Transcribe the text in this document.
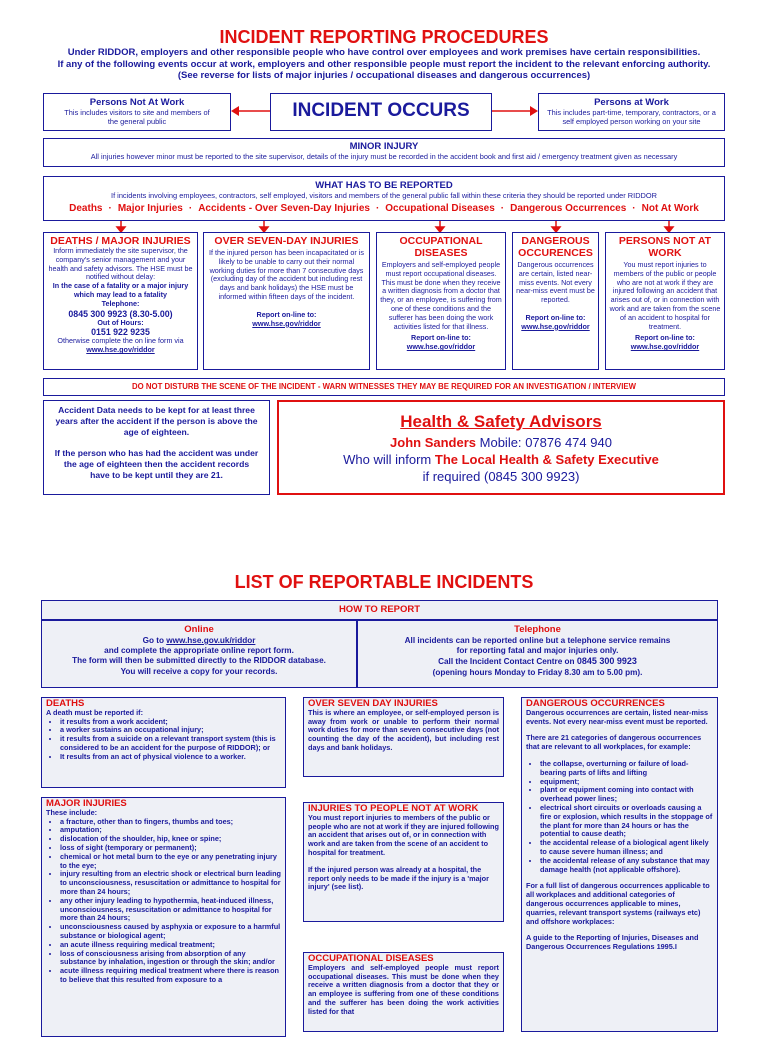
INCIDENT REPORTING PROCEDURES
Under RIDDOR, employers and other responsible people who have control over employees and work premises have certain responsibilities.
If any of the following events occur at work, employers and other responsible people must report the incident to the relevant enforcing authority.
(See reverse for lists of major injuries / occupational diseases and dangerous occurrences)
Persons Not At Work
This includes visitors to site and members of the general public
INCIDENT OCCURS	Persons at Work
This includes part-time, temporary, contractors, or a self employed person working on your site
MINOR INJURY
All injuries however minor must be reported to the site supervisor, details of the injury must be recorded in the accident book and first aid / emergency treatment given as necessary
WHAT HAS TO BE REPORTED
If incidents involving employees, contractors, self employed, visitors and members of the general public fall within these criteria they should be reported under RIDDOR
Deaths · Major Injuries · Accidents - Over Seven-Day Injuries · Occupational Diseases · Dangerous Occurrences · Not At Work
DEATHS / MAJOR INJURIES
Inform immediately the site supervisor, the company's senior management and your health and safety advisors. The HSE must be notified without delay:
In the case of a fatality or a major injury which may lead to a fatality
Telephone:
0845 300 9923 (8.30-5.00)
Out of Hours:
0151 922 9235
Otherwise complete the on line form via
www.hse.gov/riddor
OVER SEVEN-DAY INJURIES
If the injured person has been incapacitated or is likely to be unable to carry out their normal working duties for more than 7 consecutive days (excluding day of the accident but including rest days and bank holidays) the HSE must be informed within fifteen days of the incident.
Report on-line to:
www.hse.gov/riddor
OCCUPATIONAL DISEASES
Employers and self-employed people must report occupational diseases. This must be done when they receive a written diagnosis from a doctor that they, or an employee, is suffering from one of these conditions and the sufferer has been doing the work activities listed for that illness.
Report on-line to:
www.hse.gov/riddor
DANGEROUS OCCURENCES
Dangerous occurrences are certain, listed near-miss events. Not every near-miss event must be reported.
Report on-line to:
www.hse.gov/riddor
PERSONS NOT AT WORK
You must report injuries to members of the public or people who are not at work if they are injured following an accident that arises out of, or in connection with work and are taken from the scene of an accident to hospital for treatment.
Report on-line to:
www.hse.gov/riddor
DO NOT DISTURB THE SCENE OF THE INCIDENT - WARN WITNESSES THEY MAY BE REQUIRED FOR AN INVESTIGATION / INTERVIEW
Accident Data needs to be kept for at least three years after the accident if the person is above the age of eighteen.
If the person who has had the accident was under the age of eighteen then the accident records have to be kept until they are 21.
Health & Safety Advisors
John Sanders Mobile: 07876 474 940
Who will inform The Local Health & Safety Executive
if required (0845 300 9923)
LIST OF REPORTABLE INCIDENTS
HOW TO REPORT
Online
Go to www.hse.gov.uk/riddor
and complete the appropriate online report form.
The form will then be submitted directly to the RIDDOR database.
You will receive a copy for your records.
Telephone
All incidents can be reported online but a telephone service remains
for reporting fatal and major injuries only.
Call the Incident Contact Centre on 0845 300 9923
(opening hours Monday to Friday 8.30 am to 5.00 pm).
DEATHS
A death must be reported if:
• it results from a work accident;
• a worker sustains an occupational injury;
• it results from a suicide on a relevant transport system (this is considered to be an accident for the purpose of RIDDOR); or
• It results from an act of physical violence to a worker.
MAJOR INJURIES
These include:
• a fracture, other than to fingers, thumbs and toes;
• amputation;
• dislocation of the shoulder, hip, knee or spine;
• loss of sight (temporary or permanent);
• chemical or hot metal burn to the eye or any penetrating injury to the eye;
• injury resulting from an electric shock or electrical burn leading to unconsciousness, resuscitation or admittance to hospital for more than 24 hours;
• any other injury leading to hypothermia, heat-induced illness, unconsciousness, resuscitation or admittance to hospital for more than 24 hours;
• unconsciousness caused by asphyxia or exposure to a harmful substance or biological agent;
• an acute illness requiring medical treatment;
• loss of consciousness arising from absorption of any substance by inhalation, ingestion or through the skin; and/or
• acute illness requiring medical treatment where there is reason to believe that this resulted from exposure to a
OVER SEVEN DAY INJURIES
This is where an employee, or self-employed person is away from work or unable to perform their normal work duties for more than seven consecutive days (not counting the day of the accident), but including rest days and bank holidays.
INJURIES TO PEOPLE NOT AT WORK
You must report injuries to members of the public or people who are not at work if they are injured following an accident that arises out of, or in connection with work and are taken from the scene of an accident to hospital for treatment.
If the injured person was already at a hospital, the report only needs to be made if the injury is a 'major injury' (see list).
OCCUPATIONAL DISEASES
Employers and self-employed people must report occupational diseases. This must be done when they receive a written diagnosis from a doctor that they or an employee is suffering from one of these conditions and the sufferer has been doing the work activities listed for that
DANGEROUS OCCURRENCES
Dangerous occurrences are certain, listed near-miss events. Not every near-miss event must be reported.
There are 21 categories of dangerous occurrences that are relevant to all workplaces, for example:
• the collapse, overturning or failure of load-bearing parts of lifts and lifting
• equipment;
• plant or equipment coming into contact with overhead power lines;
• electrical short circuits or overloads causing a fire or explosion, which results in the stoppage of the plant for more than 24 hours or has the potential to cause death;
• the accidental release of a biological agent likely to cause severe human illness; and
• the accidental release of any substance that may damage health (not applicable offshore).
For a full list of dangerous occurrences applicable to all workplaces and additional categories of dangerous occurrences applicable to mines, quarries, relevant transport systems (railways etc) and offshore workplaces:
A guide to the Reporting of Injuries, Diseases and Dangerous Occurrences Regulations 1995.I
